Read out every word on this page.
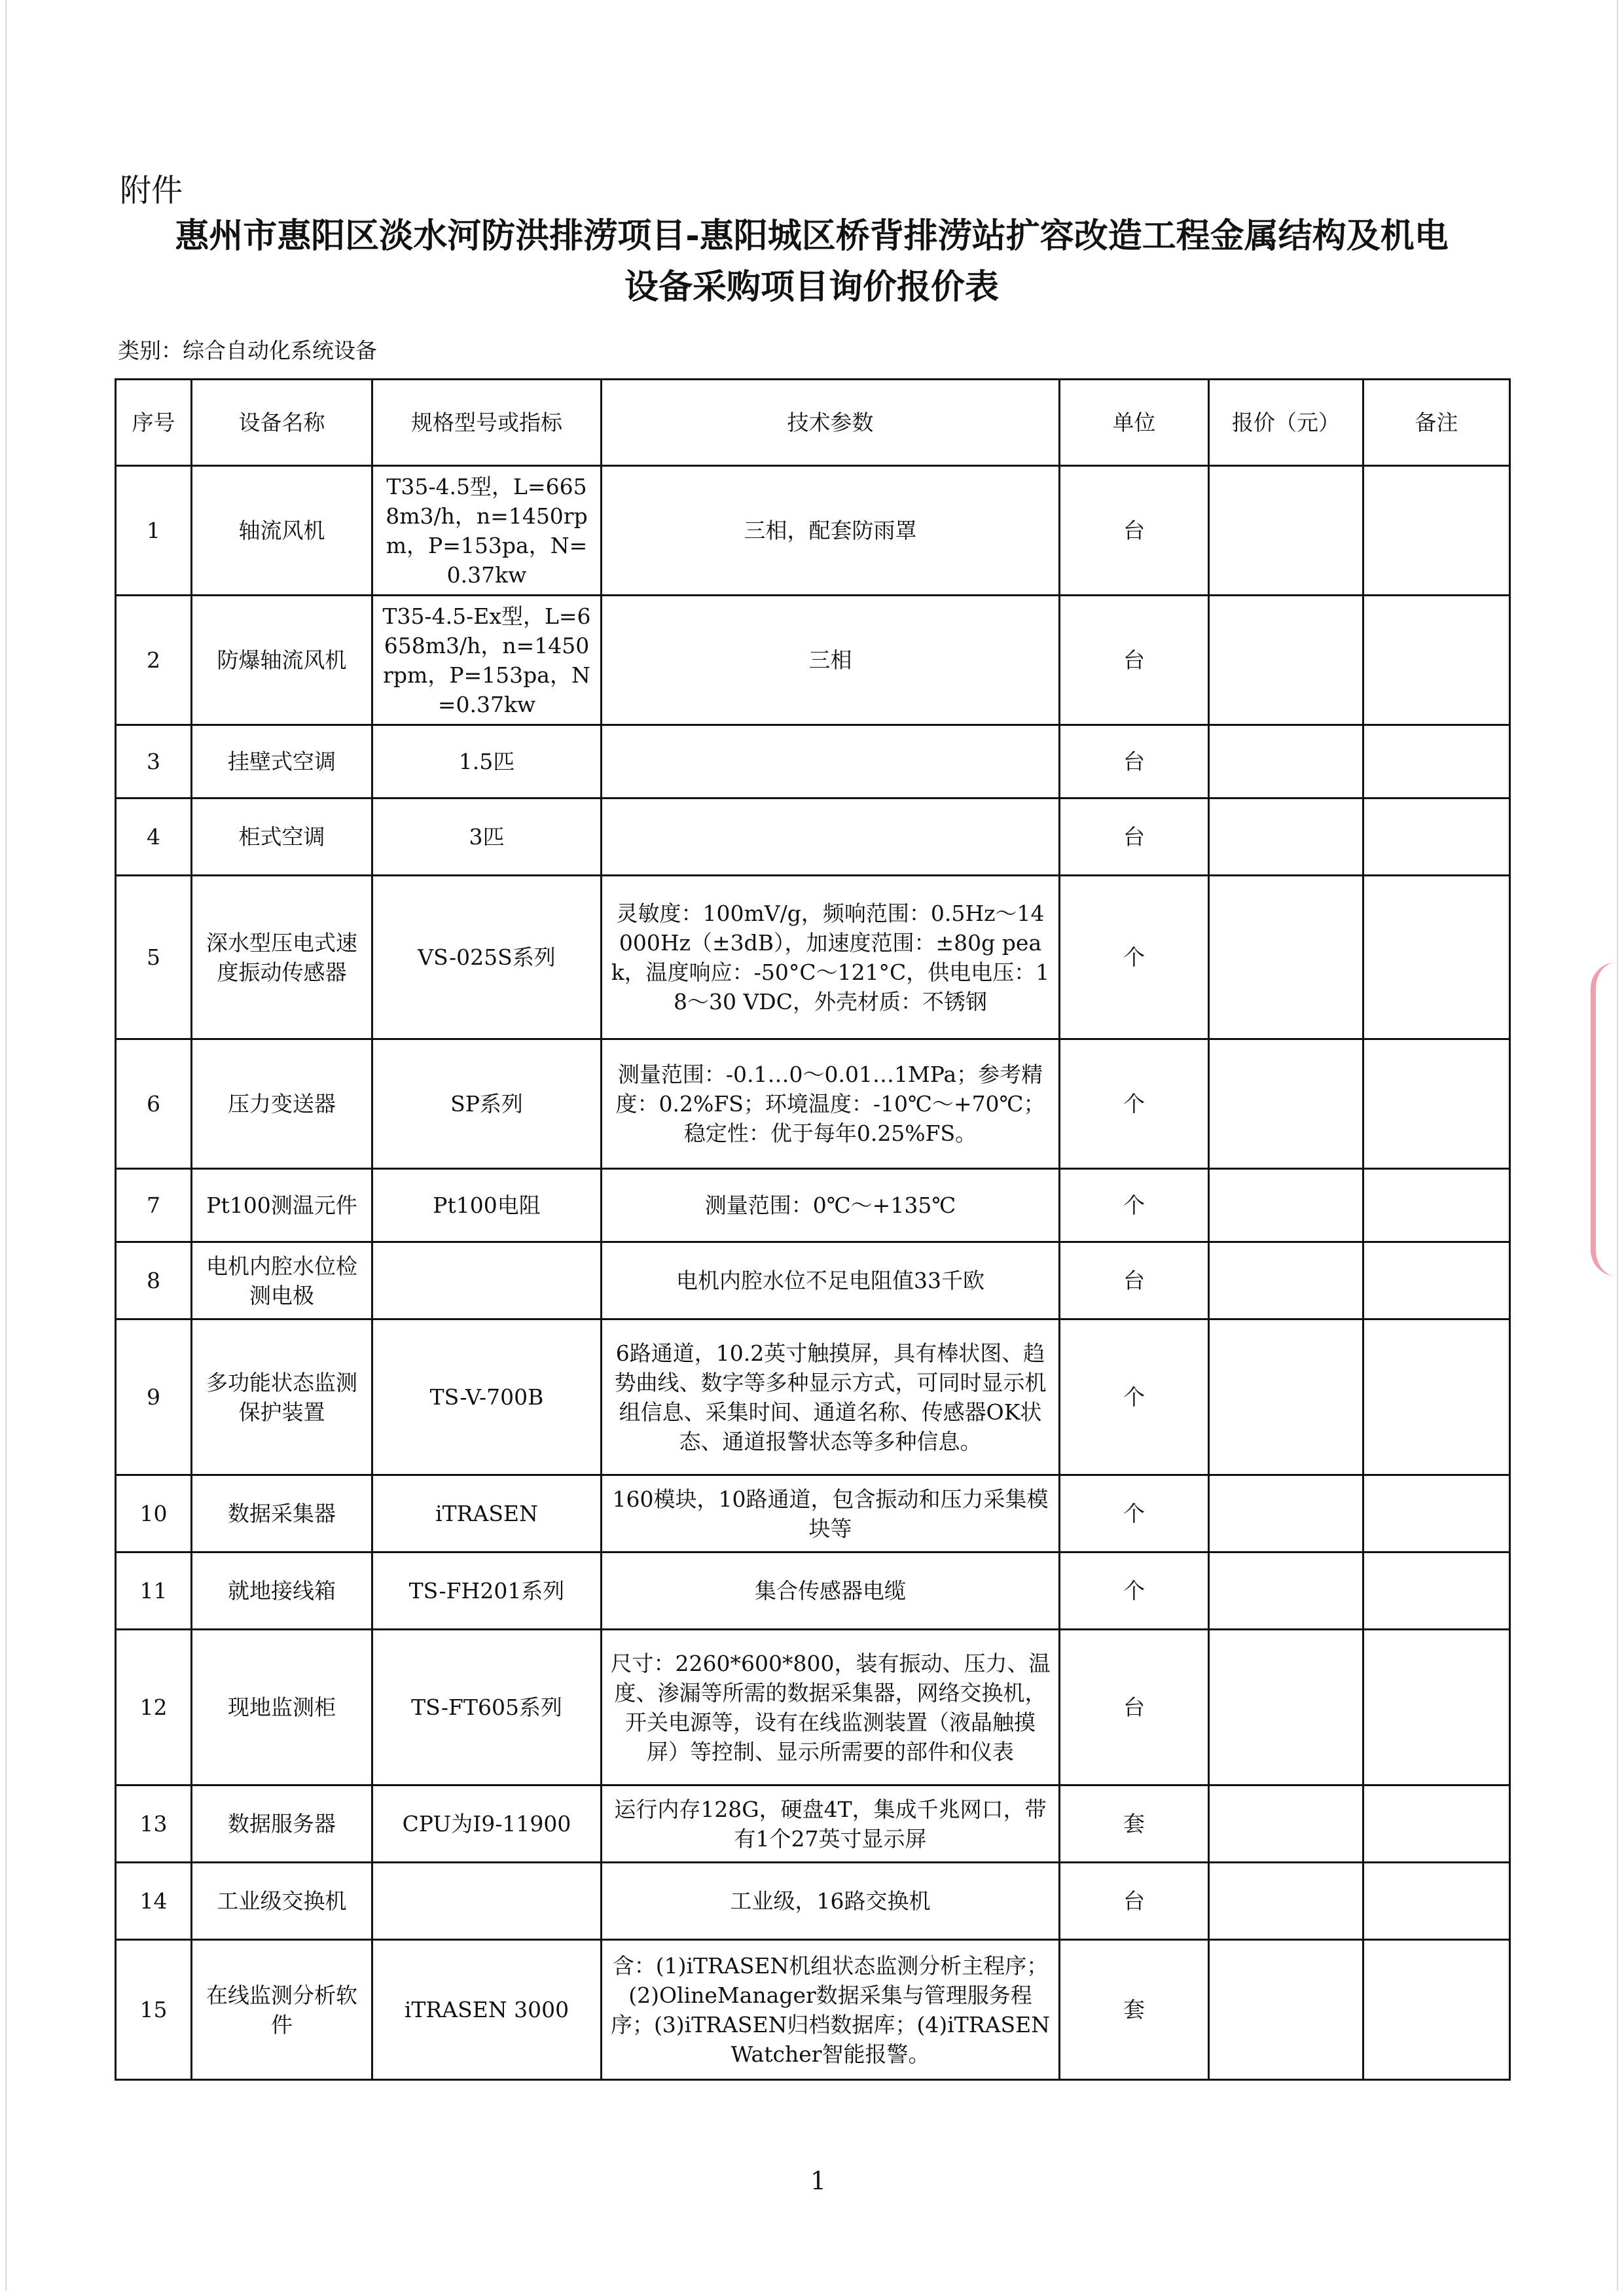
附件
惠州市惠阳区淡水河防洪排涝项目-惠阳城区桥背排涝站扩容改造工程金属结构及机电
设备采购项目询价报价表
类别：综合自动化系统设备
序号	设备名称	规格型号或指标	技术参数	单位	报价（元）	备注
1	轴流风机	T35-4.5型，L=6658m3/h，n=1450rpm，P=153pa，N=0.37kw	三相，配套防雨罩	台		
2	防爆轴流风机	T35-4.5-Ex型，L=6658m3/h，n=1450rpm，P=153pa，N=0.37kw	三相	台		
3	挂壁式空调	1.5匹		台		
4	柜式空调	3匹		台		
5	深水型压电式速度振动传感器	VS-025S系列	灵敏度：100mV/g，频响范围：0.5Hz～14000Hz（±3dB），加速度范围：±80g peak，温度响应：-50°C～121°C，供电电压：18～30 VDC，外壳材质：不锈钢	个		
6	压力变送器	SP系列	测量范围：-0.1…0～0.01…1MPa；参考精度：0.2%FS；环境温度：-10℃～+70℃；稳定性：优于每年0.25%FS。	个		
7	Pt100测温元件	Pt100电阻	测量范围：0℃～+135℃	个		
8	电机内腔水位检测电极		电机内腔水位不足电阻值33千欧	台		
9	多功能状态监测保护装置	TS-V-700B	6路通道，10.2英寸触摸屏，具有棒状图、趋势曲线、数字等多种显示方式，可同时显示机组信息、采集时间、通道名称、传感器OK状态、通道报警状态等多种信息。	个		
10	数据采集器	iTRASEN	160模块，10路通道，包含振动和压力采集模块等	个		
11	就地接线箱	TS-FH201系列	集合传感器电缆	个		
12	现地监测柜	TS-FT605系列	尺寸：2260*600*800，装有振动、压力、温度、渗漏等所需的数据采集器，网络交换机，开关电源等，设有在线监测装置（液晶触摸屏）等控制、显示所需要的部件和仪表	台		
13	数据服务器	CPU为I9-11900	运行内存128G，硬盘4T，集成千兆网口，带有1个27英寸显示屏	套		
14	工业级交换机		工业级，16路交换机	台		
15	在线监测分析软件	iTRASEN 3000	含：(1)iTRASEN机组状态监测分析主程序；(2)OlineManager数据采集与管理服务程序；(3)iTRASEN归档数据库；(4)iTRASEN Watcher智能报警。	套		
1
